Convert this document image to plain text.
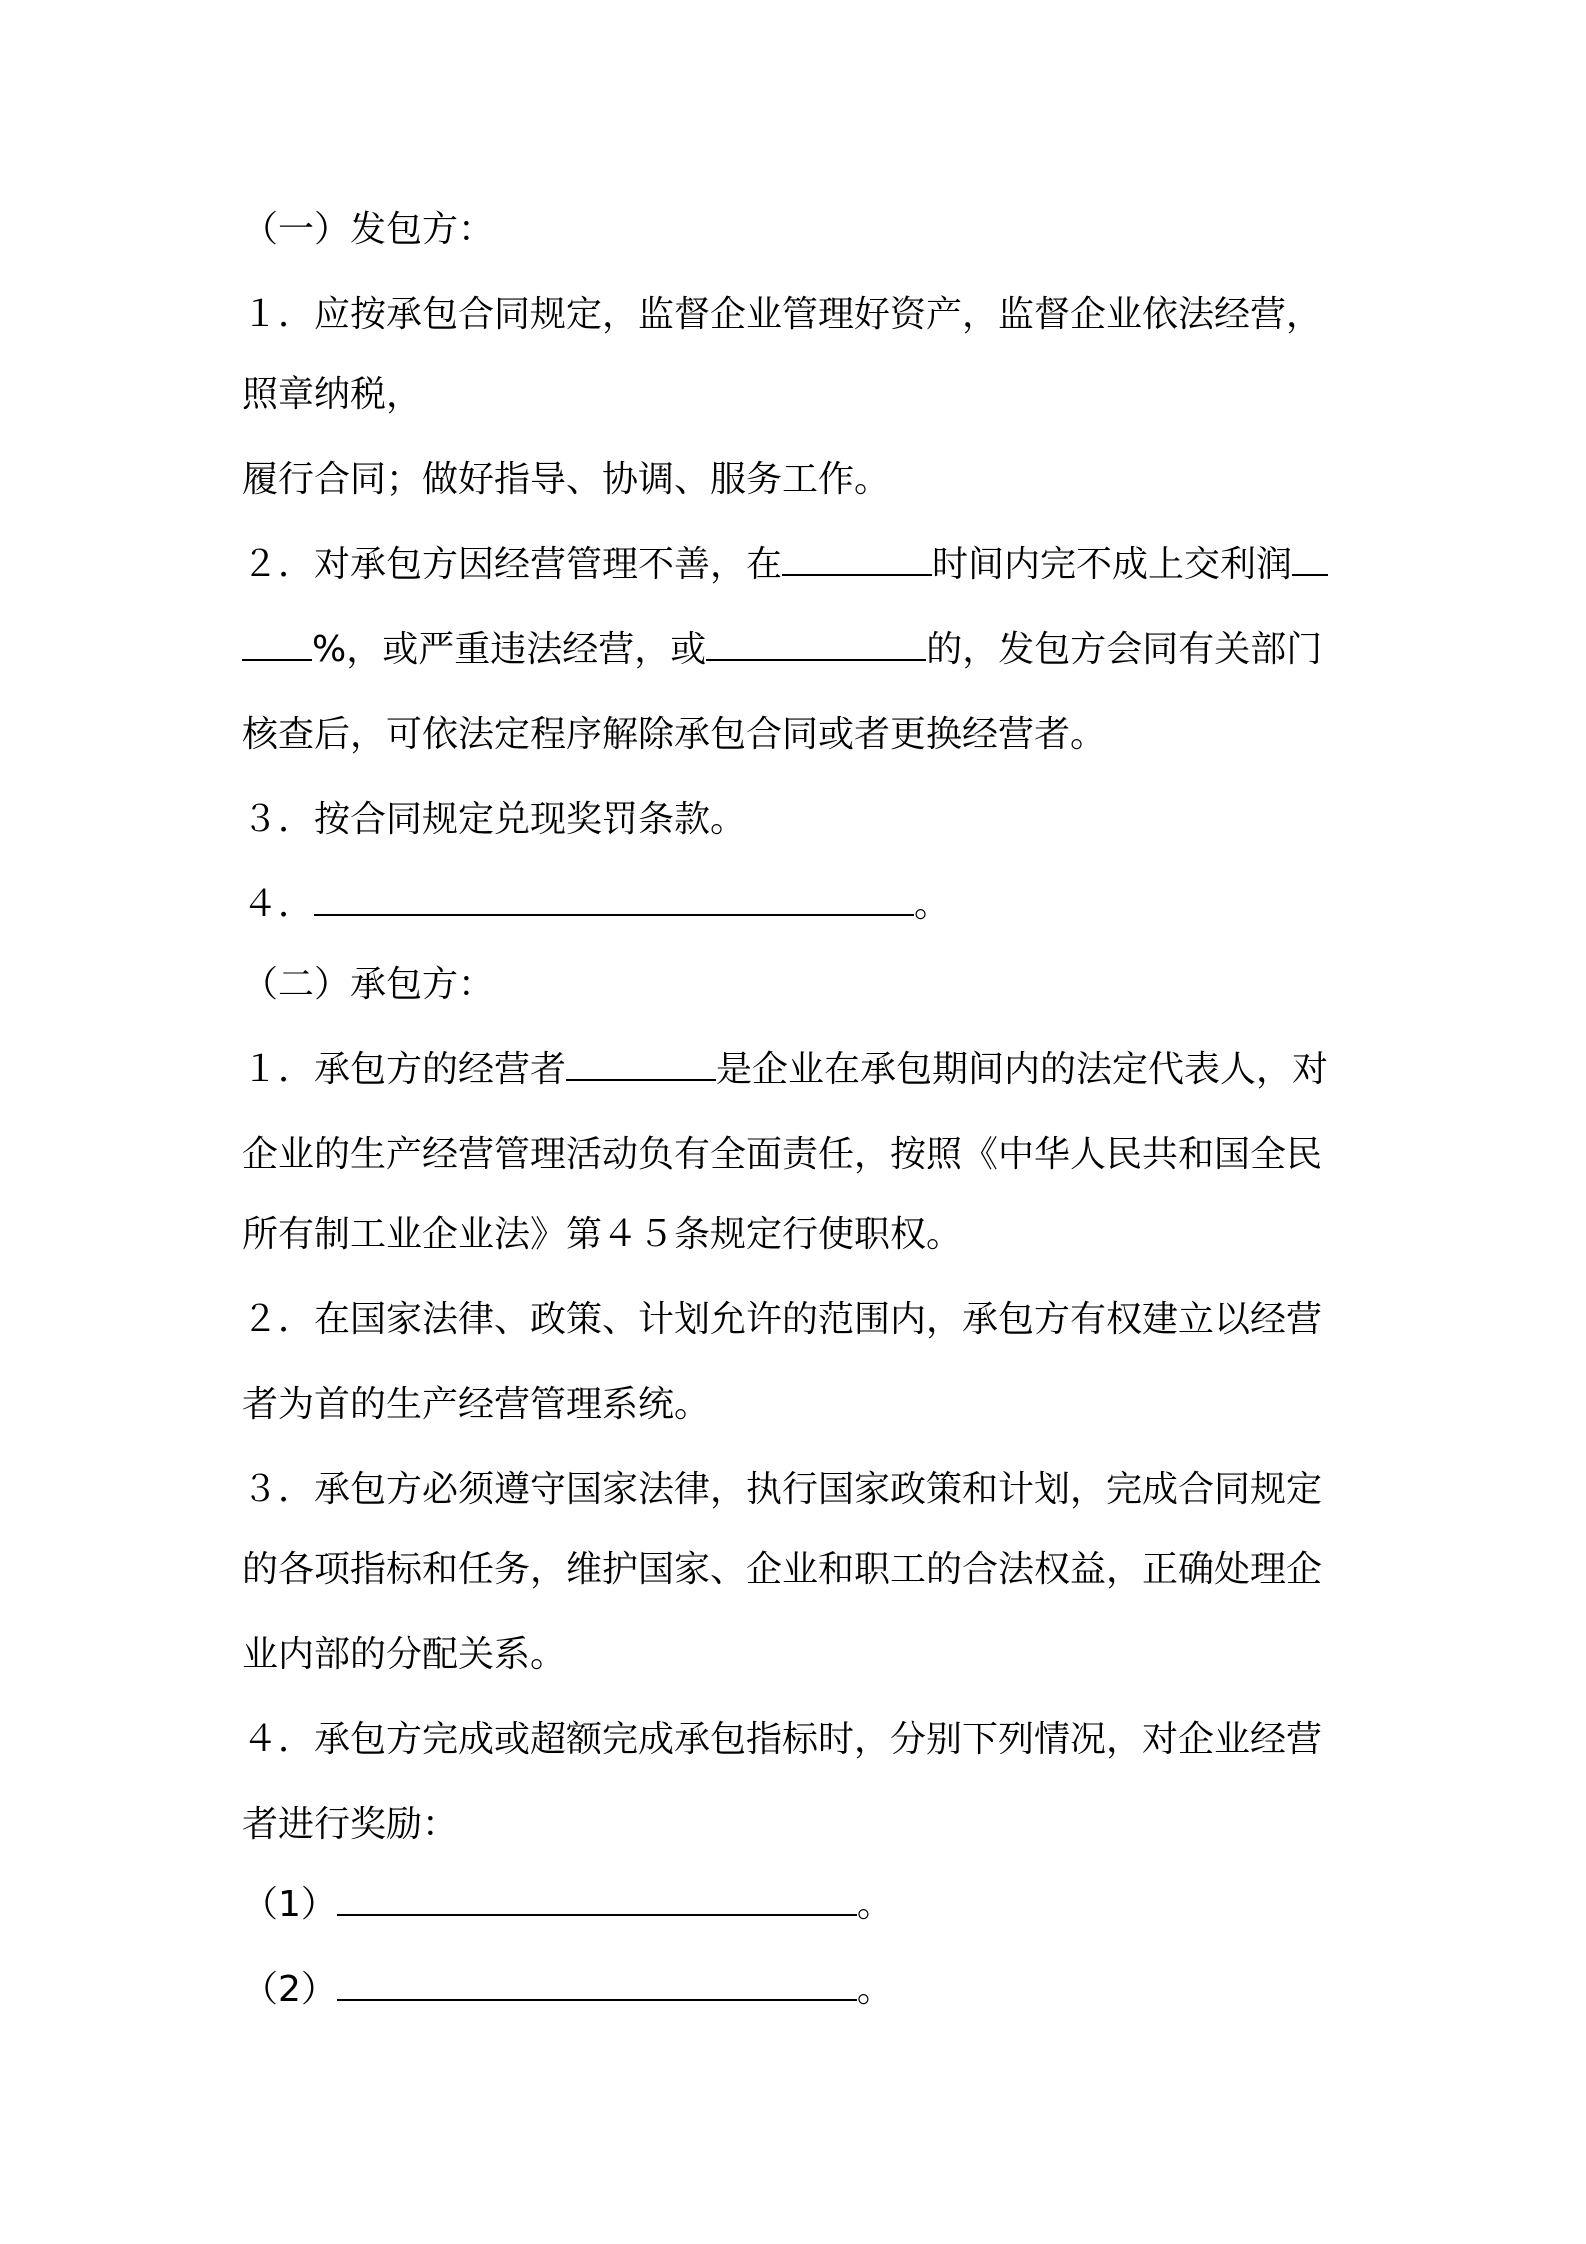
（一）发包方：
１．应按承包合同规定，监督企业管理好资产，监督企业依法经营，
照章纳税，
履行合同；做好指导、协调、服务工作。
２．对承包方因经营管理不善，在	时间内完不成上交利润
%，或严重违法经营，或	的，发包方会同有关部门
核查后，可依法定程序解除承包合同或者更换经营者。
３．按合同规定兑现奖罚条款。
４．	。
（二）承包方：
１．承包方的经营者	是企业在承包期间内的法定代表人，对
企业的生产经营管理活动负有全面责任，按照《中华人民共和国全民
所有制工业企业法》第４５条规定行使职权。
２．在国家法律、政策、计划允许的范围内，承包方有权建立以经营
者为首的生产经营管理系统。
３．承包方必须遵守国家法律，执行国家政策和计划，完成合同规定
的各项指标和任务，维护国家、企业和职工的合法权益，正确处理企
业内部的分配关系。
４．承包方完成或超额完成承包指标时，分别下列情况，对企业经营
者进行奖励：
（1）	。
（2）	。
